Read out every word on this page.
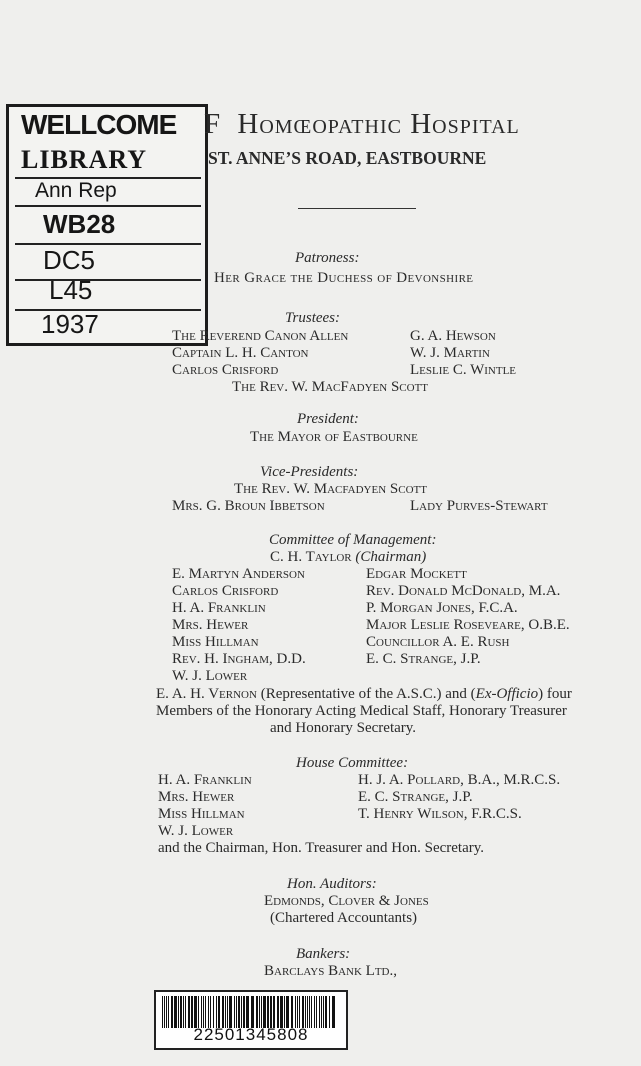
WELLCOME
LIBRARY
Ann Rep
WB28
DC5
L45
1937
F Homœopathic Hospital
ST. ANNE’S ROAD, EASTBOURNE
Patroness:
Her Grace the Duchess of Devonshire
Trustees:
The Reverend Canon Allen
Captain L. H. Canton
Carlos Crisford
G. A. Hewson
W. J. Martin
Leslie C. Wintle
The Rev. W. MacFadyen Scott
President:
The Mayor of Eastbourne
Vice-Presidents:
The Rev. W. Macfadyen Scott
Mrs. G. Broun Ibbetson	Lady Purves-Stewart
Committee of Management:
C. H. Taylor (Chairman)
E. Martyn Anderson
Carlos Crisford
H. A. Franklin
Mrs. Hewer
Miss Hillman
Rev. H. Ingham, D.D.
W. J. Lower
Edgar Mockett
Rev. Donald McDonald, M.A.
P. Morgan Jones, F.C.A.
Major Leslie Roseveare, O.B.E.
Councillor A. E. Rush
E. C. Strange, J.P.
E. A. H. Vernon (Representative of the A.S.C.) and (Ex-Officio) four
Members of the Honorary Acting Medical Staff, Honorary Treasurer
and Honorary Secretary.
House Committee:
H. A. Franklin
Mrs. Hewer
Miss Hillman
W. J. Lower
H. J. A. Pollard, B.A., M.R.C.S.
E. C. Strange, J.P.
T. Henry Wilson, F.R.C.S.
and the Chairman, Hon. Treasurer and Hon. Secretary.
Hon. Auditors:
Edmonds, Clover & Jones
(Chartered Accountants)
Bankers:
Barclays Bank Ltd.,
22501345808
